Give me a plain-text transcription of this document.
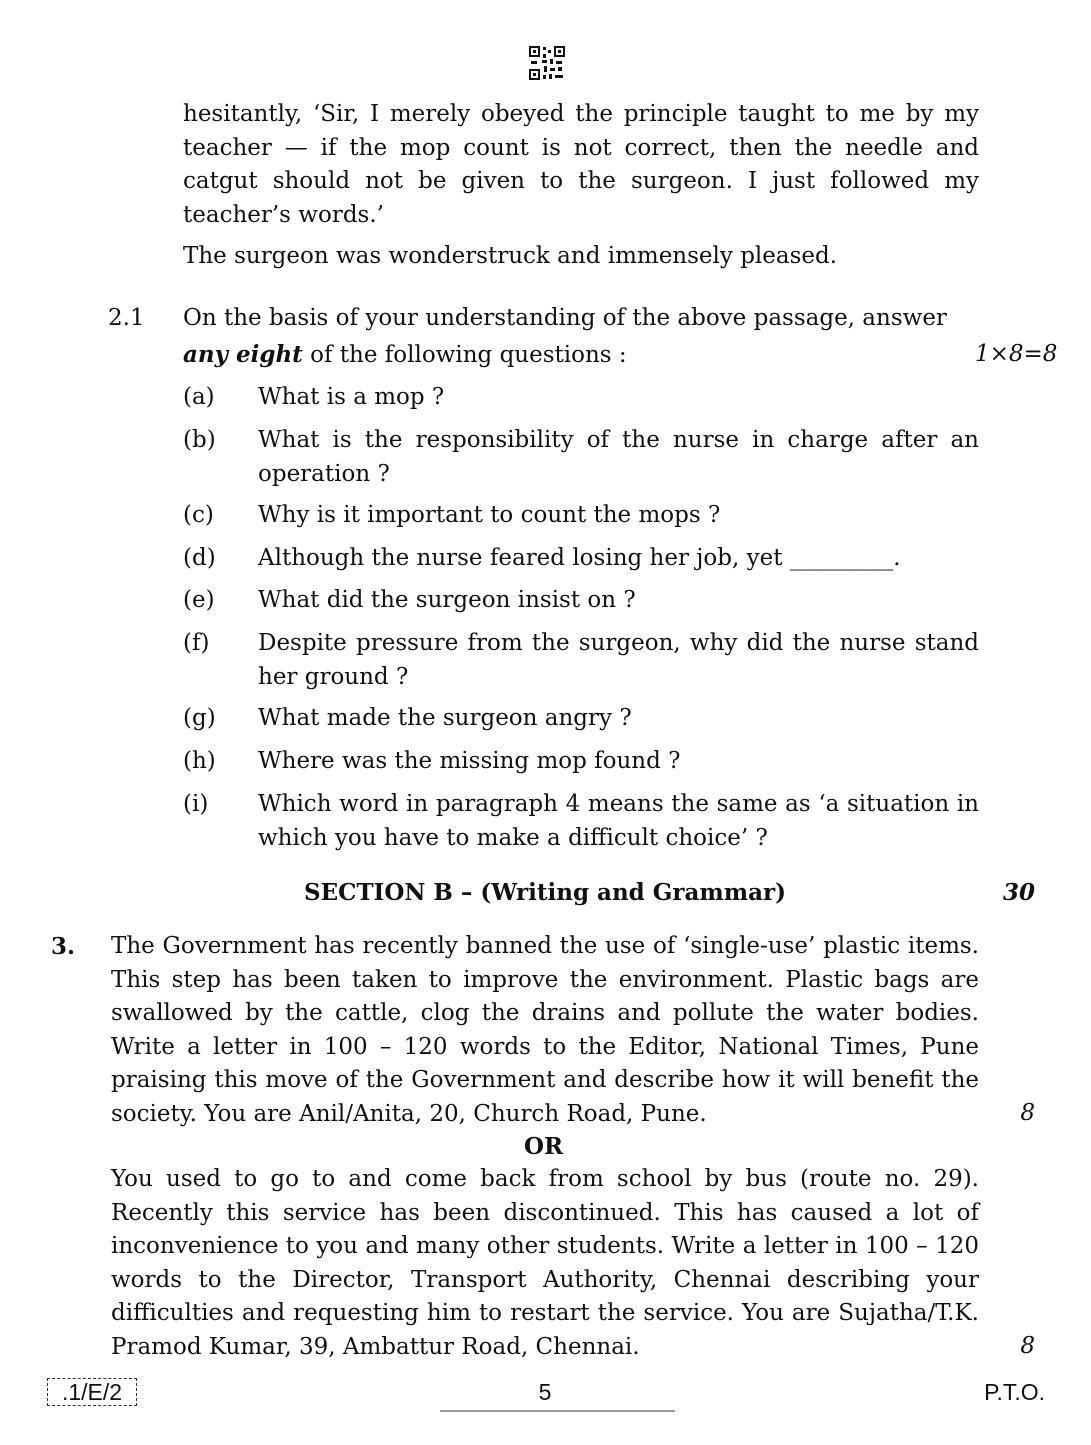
hesitantly, ‘Sir, I merely obeyed the principle taught to me by my teacher — if the mop count is not correct, then the needle and catgut should not be given to the surgeon. I just followed my teacher’s words.’
The surgeon was wonderstruck and immensely pleased.
2.1 On the basis of your understanding of the above passage, answer
any eight of the following questions :	1×8=8
(a) What is a mop ?
(b) What is the responsibility of the nurse in charge after an operation ?
(c) Why is it important to count the mops ?
(d) Although the nurse feared losing her job, yet _________.
(e) What did the surgeon insist on ?
(f) Despite pressure from the surgeon, why did the nurse stand her ground ?
(g) What made the surgeon angry ?
(h) Where was the missing mop found ?
(i) Which word in paragraph 4 means the same as ‘a situation in which you have to make a difficult choice’ ?
SECTION B – (Writing and Grammar)	30
3. The Government has recently banned the use of ‘single-use’ plastic items. This step has been taken to improve the environment. Plastic bags are swallowed by the cattle, clog the drains and pollute the water bodies. Write a letter in 100 – 120 words to the Editor, National Times, Pune praising this move of the Government and describe how it will benefit the society. You are Anil/Anita, 20, Church Road, Pune.	8
OR
You used to go to and come back from school by bus (route no. 29). Recently this service has been discontinued. This has caused a lot of inconvenience to you and many other students. Write a letter in 100 – 120 words to the Director, Transport Authority, Chennai describing your difficulties and requesting him to restart the service. You are Sujatha/T.K. Pramod Kumar, 39, Ambattur Road, Chennai.	8
.1/E/2	5	P.T.O.
